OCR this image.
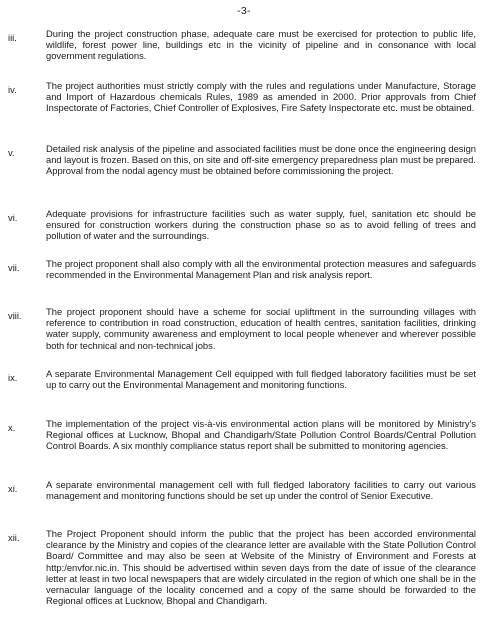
-3-
iii.	During the project construction phase, adequate care must be exercised for protection to public life, wildlife, forest power line, buildings etc in the vicinity of pipeline and in consonance with local government regulations.
iv.	The project authorities must strictly comply with the rules and regulations under Manufacture, Storage and Import of Hazardous chemicals Rules, 1989 as amended in 2000. Prior approvals from Chief Inspectorate of Factories, Chief Controller of Explosives, Fire Safety Inspectorate etc. must be obtained.
v.	Detailed risk analysis of the pipeline and associated facilities must be done once the engineering design and layout is frozen. Based on this, on site and off-site emergency preparedness plan must be prepared. Approval from the nodal agency must be obtained before commissioning the project.
vi.	Adequate provisions for infrastructure facilities such as water supply, fuel, sanitation etc should be ensured for construction workers during the construction phase so as to avoid felling of trees and pollution of water and the surroundings.
vii.	The project proponent shall also comply with all the environmental protection measures and safeguards recommended in the Environmental Management Plan and risk analysis report.
viii.	The project proponent should have a scheme for social upliftment in the surrounding villages with reference to contribution in road construction, education of health centres, sanitation facilities, drinking water supply, community awareness and employment to local people whenever and wherever possible both for technical and non-technical jobs.
ix.	A separate Environmental Management Cell equipped with full fledged laboratory facilities must be set up to carry out the Environmental Management and monitoring functions.
x.	The implementation of the project vis-à-vis environmental action plans will be monitored by Ministry's Regional offices at Lucknow, Bhopal and Chandigarh/State Pollution Control Boards/Central Pollution Control Boards. A six monthly compliance status report shall be submitted to monitoring agencies.
xi.	A separate environmental management cell with full fledged laboratory facilities to carry out various management and monitoring functions should be set up under the control of Senior Executive.
xii.	The Project Proponent should inform the public that the project has been accorded environmental clearance by the Ministry and copies of the clearance letter are available with the State Pollution Control Board/ Committee and may also be seen at Website of the Ministry of Environment and Forests at http:/envfor.nic.in. This should be advertised within seven days from the date of issue of the clearance letter at least in two local newspapers that are widely circulated in the region of which one shall be in the vernacular language of the locality concerned and a copy of the same should be forwarded to the Regional offices at Lucknow, Bhopal and Chandigarh.
